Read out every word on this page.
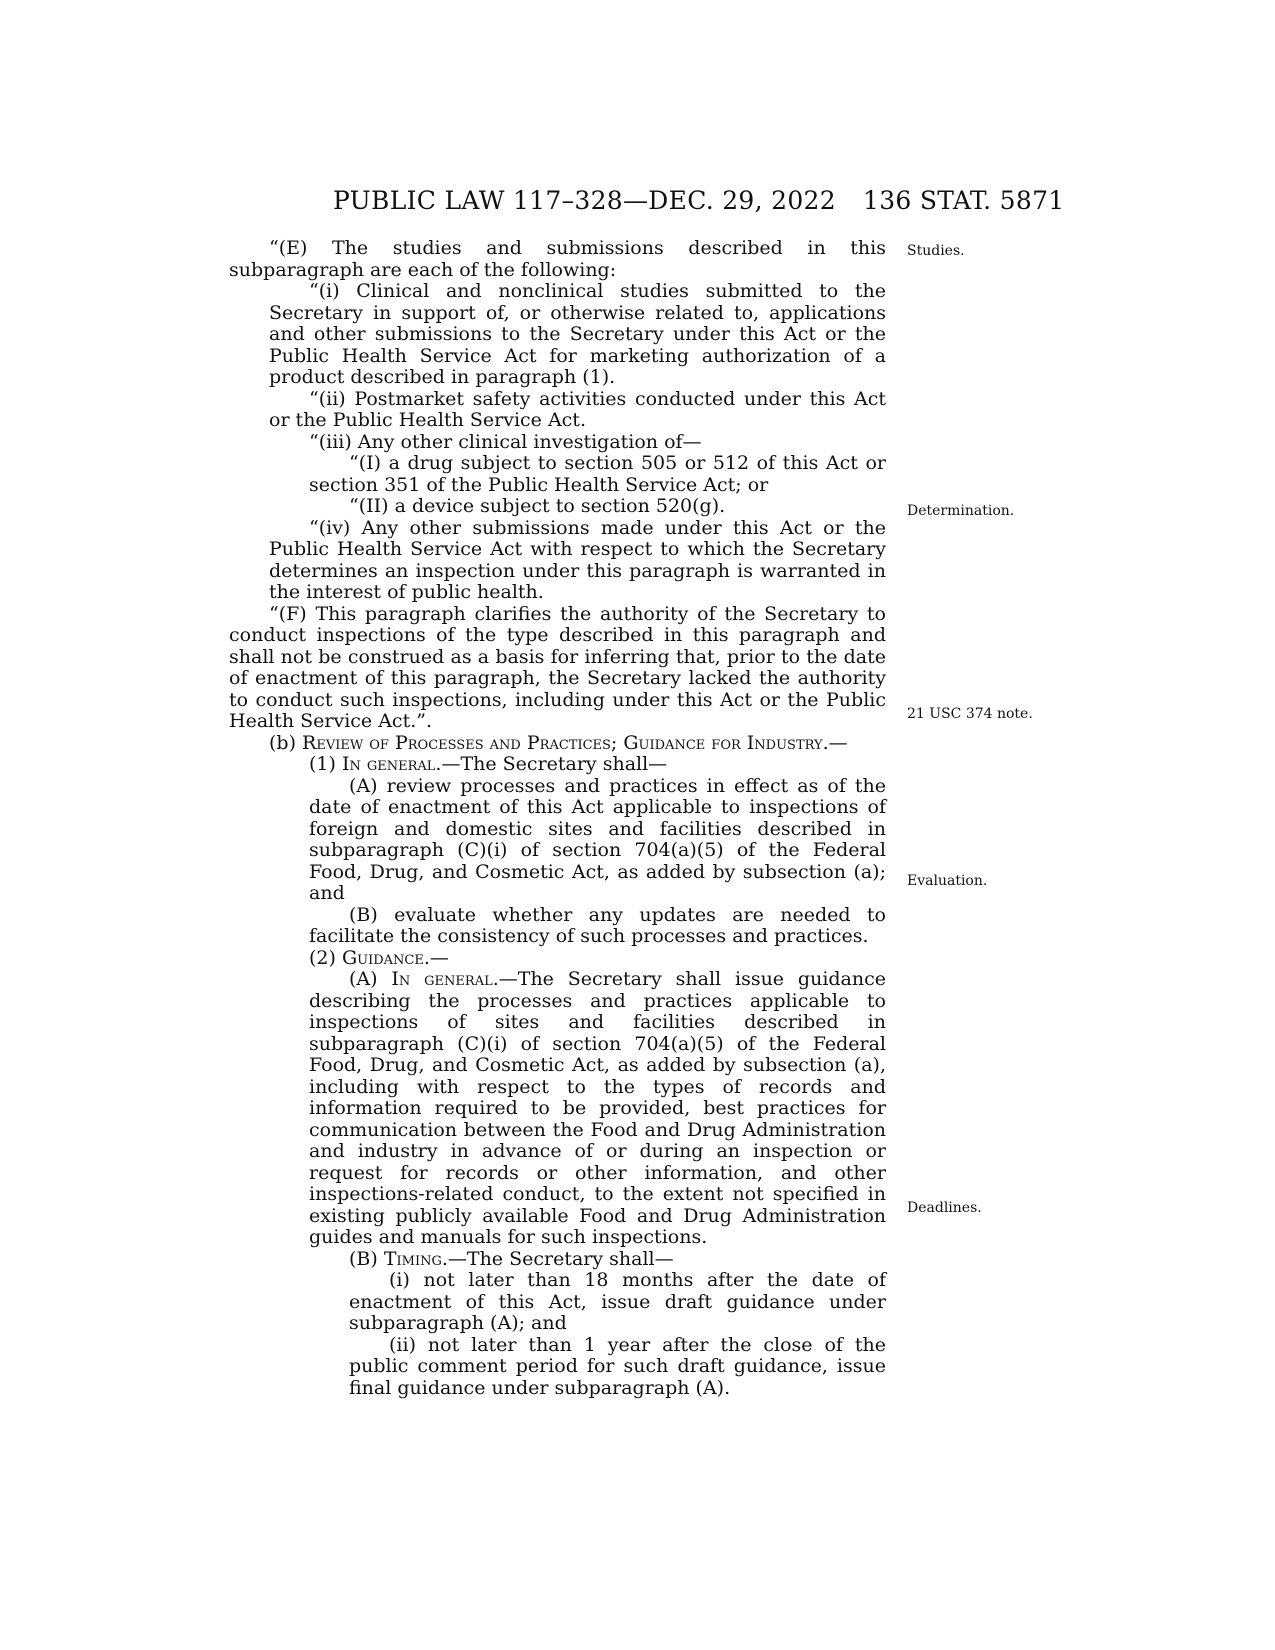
PUBLIC LAW 117–328—DEC. 29, 2022 136 STAT. 5871
Studies.
Determination.
21 USC 374 note.
Evaluation.
Deadlines.

“(E) The studies and submissions described in this subparagraph are each of the following:

“(i) Clinical and nonclinical studies submitted to the Secretary in support of, or otherwise related to, applications and other submissions to the Secretary under this Act or the Public Health Service Act for marketing authorization of a product described in paragraph (1).

“(ii) Postmarket safety activities conducted under this Act or the Public Health Service Act.

“(iii) Any other clinical investigation of—

“(I) a drug subject to section 505 or 512 of this Act or section 351 of the Public Health Service Act; or

“(II) a device subject to section 520(g).

“(iv) Any other submissions made under this Act or the Public Health Service Act with respect to which the Secretary determines an inspection under this paragraph is warranted in the interest of public health.

“(F) This paragraph clarifies the authority of the Secretary to conduct inspections of the type described in this paragraph and shall not be construed as a basis for inferring that, prior to the date of enactment of this paragraph, the Secretary lacked the authority to conduct such inspections, including under this Act or the Public Health Service Act.”.

(b) Review of Processes and Practices; Guidance for Industry.—

(1) In general.—The Secretary shall—

(A) review processes and practices in effect as of the date of enactment of this Act applicable to inspections of foreign and domestic sites and facilities described in subparagraph (C)(i) of section 704(a)(5) of the Federal Food, Drug, and Cosmetic Act, as added by subsection (a); and

(B) evaluate whether any updates are needed to facilitate the consistency of such processes and practices.

(2) Guidance.—

(A) In general.—The Secretary shall issue guidance describing the processes and practices applicable to inspections of sites and facilities described in subparagraph (C)(i) of section 704(a)(5) of the Federal Food, Drug, and Cosmetic Act, as added by subsection (a), including with respect to the types of records and information required to be provided, best practices for communication between the Food and Drug Administration and industry in advance of or during an inspection or request for records or other information, and other inspections-related conduct, to the extent not specified in existing publicly available Food and Drug Administration guides and manuals for such inspections.

(B) Timing.—The Secretary shall—

(i) not later than 18 months after the date of enactment of this Act, issue draft guidance under subparagraph (A); and

(ii) not later than 1 year after the close of the public comment period for such draft guidance, issue final guidance under subparagraph (A).
